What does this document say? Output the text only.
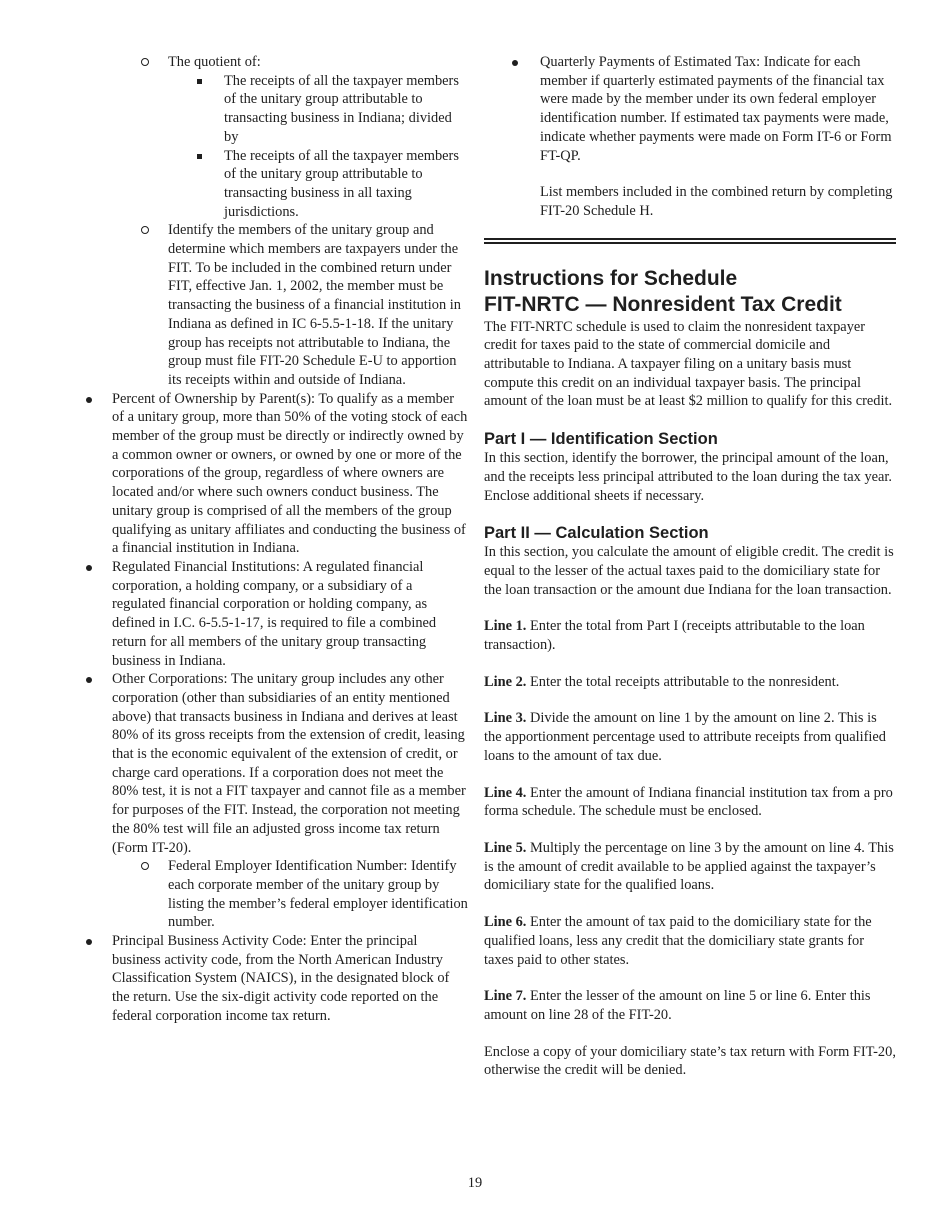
The quotient of:
The receipts of all the taxpayer members of the unitary group attributable to transacting business in Indiana; divided by
The receipts of all the taxpayer members of the unitary group attributable to transacting business in all taxing jurisdictions.
Identify the members of the unitary group and determine which members are taxpayers under the FIT. To be included in the combined return under FIT, effective Jan. 1, 2002, the member must be transacting the business of a financial institution in Indiana as defined in IC 6-5.5-1-18. If the unitary group has receipts not attributable to Indiana, the group must file FIT-20 Schedule E-U to apportion its receipts within and outside of Indiana.
Percent of Ownership by Parent(s): To qualify as a member of a unitary group, more than 50% of the voting stock of each member of the group must be directly or indirectly owned by a common owner or owners, or owned by one or more of the corporations of the group, regardless of where owners are located and/or where such owners conduct business. The unitary group is comprised of all the members of the group qualifying as unitary affiliates and conducting the business of a financial institution in Indiana.
Regulated Financial Institutions: A regulated financial corporation, a holding company, or a subsidiary of a regulated financial corporation or holding company, as defined in I.C. 6-5.5-1-17, is required to file a combined return for all members of the unitary group transacting business in Indiana.
Other Corporations: The unitary group includes any other corporation (other than subsidiaries of an entity mentioned above) that transacts business in Indiana and derives at least 80% of its gross receipts from the extension of credit, leasing that is the economic equivalent of the extension of credit, or charge card operations. If a corporation does not meet the 80% test, it is not a FIT taxpayer and cannot file as a member for purposes of the FIT. Instead, the corporation not meeting the 80% test will file an adjusted gross income tax return (Form IT-20).
Federal Employer Identification Number: Identify each corporate member of the unitary group by listing the member’s federal employer identification number.
Principal Business Activity Code: Enter the principal business activity code, from the North American Industry Classification System (NAICS), in the designated block of the return. Use the six-digit activity code reported on the federal corporation income tax return.
Quarterly Payments of Estimated Tax: Indicate for each member if quarterly estimated payments of the financial tax were made by the member under its own federal employer identification number. If estimated tax payments were made, indicate whether payments were made on Form IT-6 or Form FT-QP.

List members included in the combined return by completing FIT-20 Schedule H.

Instructions for Schedule
FIT-NRTC — Nonresident Tax Credit

The FIT-NRTC schedule is used to claim the nonresident taxpayer credit for taxes paid to the state of commercial domicile and attributable to Indiana. A taxpayer filing on a unitary basis must compute this credit on an individual taxpayer basis. The principal amount of the loan must be at least $2 million to qualify for this credit.

Part I — Identification Section

In this section, identify the borrower, the principal amount of the loan, and the receipts less principal attributed to the loan during the tax year. Enclose additional sheets if necessary.

Part II — Calculation Section

In this section, you calculate the amount of eligible credit. The credit is equal to the lesser of the actual taxes paid to the domiciliary state for the loan transaction or the amount due Indiana for the loan transaction.

Line 1. Enter the total from Part I (receipts attributable to the loan transaction).

Line 2. Enter the total receipts attributable to the nonresident.

Line 3. Divide the amount on line 1 by the amount on line 2. This is the apportionment percentage used to attribute receipts from qualified loans to the amount of tax due.

Line 4. Enter the amount of Indiana financial institution tax from a pro forma schedule. The schedule must be enclosed.

Line 5. Multiply the percentage on line 3 by the amount on line 4. This is the amount of credit available to be applied against the taxpayer’s domiciliary state for the qualified loans.

Line 6. Enter the amount of tax paid to the domiciliary state for the qualified loans, less any credit that the domiciliary state grants for taxes paid to other states.

Line 7. Enter the lesser of the amount on line 5 or line 6. Enter this amount on line 28 of the FIT-20.

Enclose a copy of your domiciliary state’s tax return with Form FIT-20, otherwise the credit will be denied.

19
